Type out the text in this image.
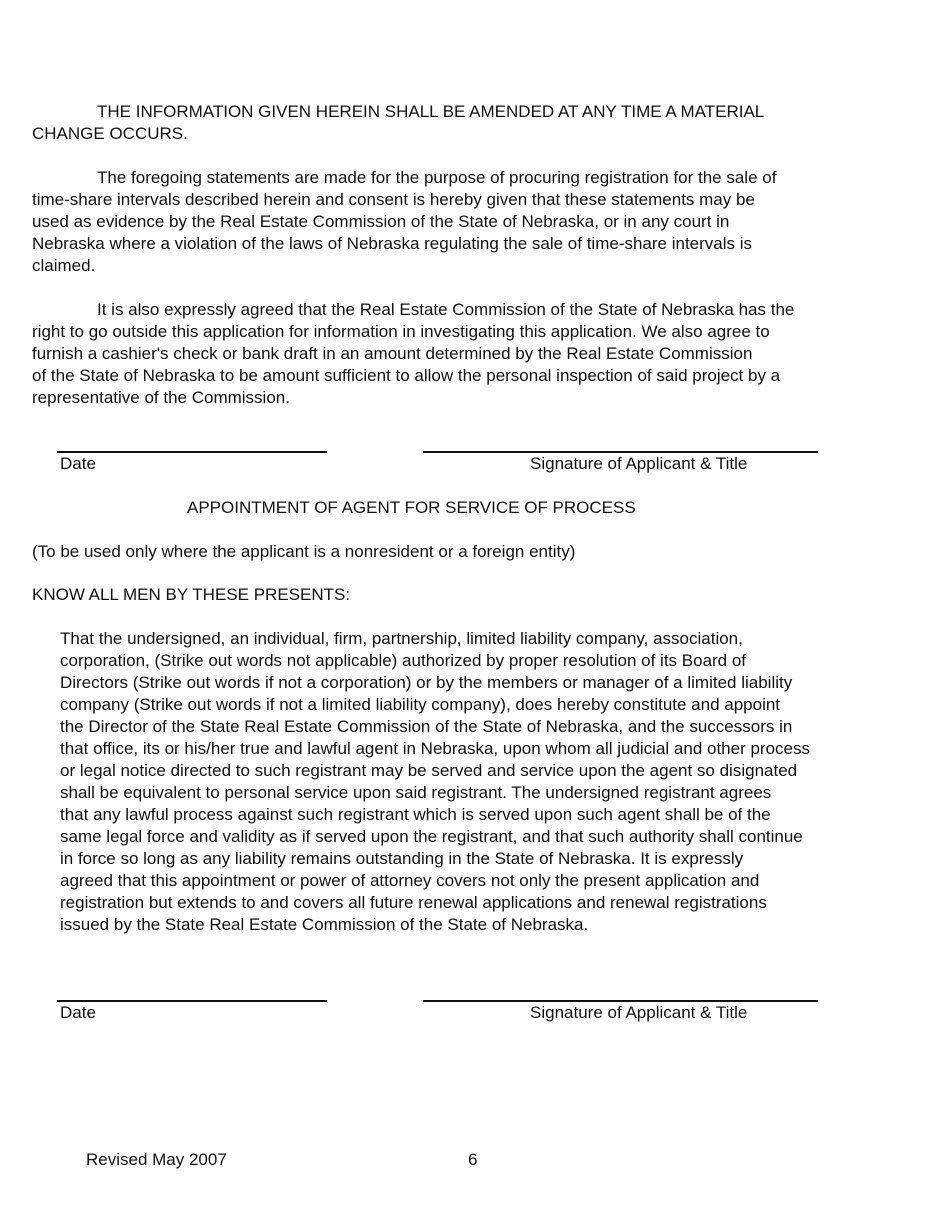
THE INFORMATION GIVEN HEREIN SHALL BE AMENDED AT ANY TIME A MATERIAL
CHANGE OCCURS.
The foregoing statements are made for the purpose of procuring registration for the sale of
time-share intervals described herein and consent is hereby given that these statements may be
used as evidence by the Real Estate Commission of the State of Nebraska, or in any court in
Nebraska where a violation of the laws of Nebraska regulating the sale of time-share intervals is
claimed.
It is also expressly agreed that the Real Estate Commission of the State of Nebraska has the
right to go outside this application for information in investigating this application. We also agree to
furnish a cashier's check or bank draft in an amount determined by the Real Estate Commission
of the State of Nebraska to be amount sufficient to allow the personal inspection of said project by a
representative of the Commission.
Date	Signature of Applicant & Title
APPOINTMENT OF AGENT FOR SERVICE OF PROCESS
(To be used only where the applicant is a nonresident or a foreign entity)
KNOW ALL MEN BY THESE PRESENTS:
That the undersigned, an individual, firm, partnership, limited liability company, association,
corporation, (Strike out words not applicable) authorized by proper resolution of its Board of
Directors (Strike out words if not a corporation) or by the members or manager of a limited liability
company (Strike out words if not a limited liability company), does hereby constitute and appoint
the Director of the State Real Estate Commission of the State of Nebraska, and the successors in
that office, its or his/her true and lawful agent in Nebraska, upon whom all judicial and other process
or legal notice directed to such registrant may be served and service upon the agent so disignated
shall be equivalent to personal service upon said registrant. The undersigned registrant agrees
that any lawful process against such registrant which is served upon such agent shall be of the
same legal force and validity as if served upon the registrant, and that such authority shall continue
in force so long as any liability remains outstanding in the State of Nebraska. It is expressly
agreed that this appointment or power of attorney covers not only the present application and
registration but extends to and covers all future renewal applications and renewal registrations
issued by the State Real Estate Commission of the State of Nebraska.
Date	Signature of Applicant & Title
Revised May 2007	6
